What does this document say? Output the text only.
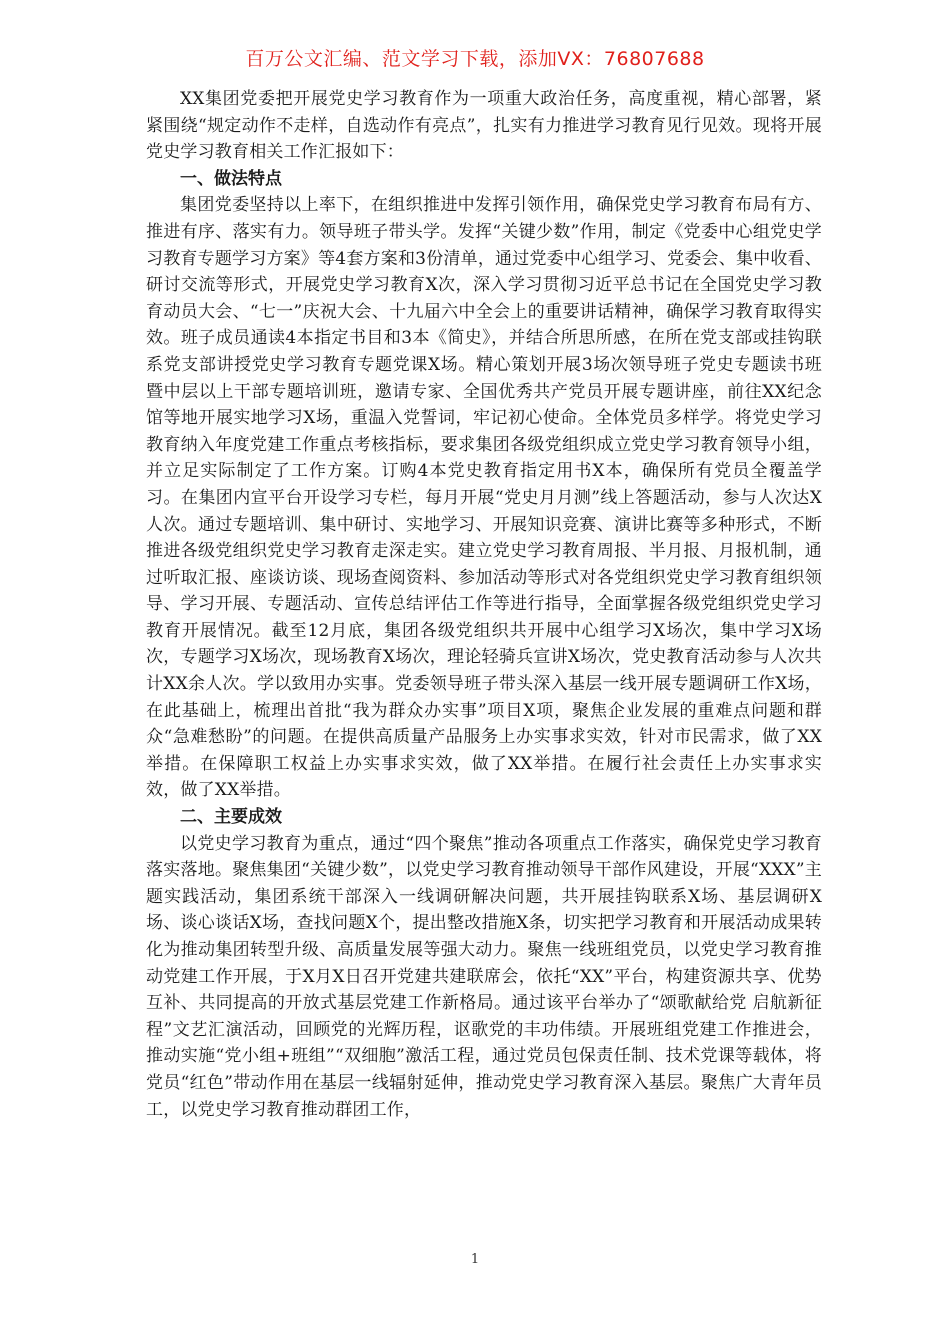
百万公文汇编、范文学习下载，添加VX：76807688

XX集团党委把开展党史学习教育作为一项重大政治任务，高度重视，精心部署，紧紧围绕“规定动作不走样，自选动作有亮点”，扎实有力推进学习教育见行见效。现将开展党史学习教育相关工作汇报如下：

一、做法特点

集团党委坚持以上率下，在组织推进中发挥引领作用，确保党史学习教育布局有方、推进有序、落实有力。领导班子带头学。发挥“关键少数”作用，制定《党委中心组党史学习教育专题学习方案》等4套方案和3份清单，通过党委中心组学习、党委会、集中收看、研讨交流等形式，开展党史学习教育X次，深入学习贯彻习近平总书记在全国党史学习教育动员大会、“七一”庆祝大会、十九届六中全会上的重要讲话精神，确保学习教育取得实效。班子成员通读4本指定书目和3本《简史》，并结合所思所感，在所在党支部或挂钩联系党支部讲授党史学习教育专题党课X场。精心策划开展3场次领导班子党史专题读书班暨中层以上干部专题培训班，邀请专家、全国优秀共产党员开展专题讲座，前往XX纪念馆等地开展实地学习X场，重温入党誓词，牢记初心使命。全体党员多样学。将党史学习教育纳入年度党建工作重点考核指标，要求集团各级党组织成立党史学习教育领导小组，并立足实际制定了工作方案。订购4本党史教育指定用书X本，确保所有党员全覆盖学习。在集团内宣平台开设学习专栏，每月开展“党史月月测”线上答题活动，参与人次达X人次。通过专题培训、集中研讨、实地学习、开展知识竞赛、演讲比赛等多种形式，不断推进各级党组织党史学习教育走深走实。建立党史学习教育周报、半月报、月报机制，通过听取汇报、座谈访谈、现场查阅资料、参加活动等形式对各党组织党史学习教育组织领导、学习开展、专题活动、宣传总结评估工作等进行指导，全面掌握各级党组织党史学习教育开展情况。截至12月底，集团各级党组织共开展中心组学习X场次，集中学习X场次，专题学习X场次，现场教育X场次，理论轻骑兵宣讲X场次，党史教育活动参与人次共计XX余人次。学以致用办实事。党委领导班子带头深入基层一线开展专题调研工作X场，在此基础上，梳理出首批“我为群众办实事”项目X项，聚焦企业发展的重难点问题和群众“急难愁盼”的问题。在提供高质量产品服务上办实事求实效，针对市民需求，做了XX举措。在保障职工权益上办实事求实效，做了XX举措。在履行社会责任上办实事求实效，做了XX举措。

二、主要成效

以党史学习教育为重点，通过“四个聚焦”推动各项重点工作落实，确保党史学习教育落实落地。聚焦集团“关键少数”，以党史学习教育推动领导干部作风建设，开展“XXX”主题实践活动，集团系统干部深入一线调研解决问题，共开展挂钩联系X场、基层调研X场、谈心谈话X场，查找问题X个，提出整改措施X条，切实把学习教育和开展活动成果转化为推动集团转型升级、高质量发展等强大动力。聚焦一线班组党员，以党史学习教育推动党建工作开展，于X月X日召开党建共建联席会，依托“XX”平台，构建资源共享、优势互补、共同提高的开放式基层党建工作新格局。通过该平台举办了“颂歌献给党 启航新征程”文艺汇演活动，回顾党的光辉历程，讴歌党的丰功伟绩。开展班组党建工作推进会，推动实施“党小组+班组”“双细胞”激活工程，通过党员包保责任制、技术党课等载体，将党员“红色”带动作用在基层一线辐射延伸，推动党史学习教育深入基层。聚焦广大青年员工，以党史学习教育推动群团工作，

1
